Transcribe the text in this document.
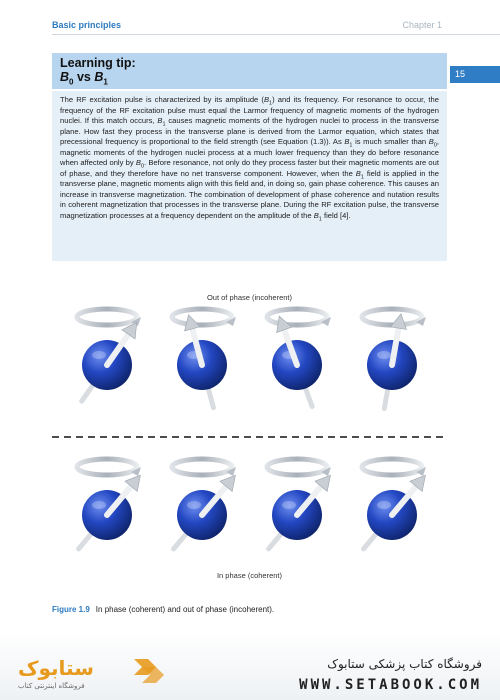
Basic principles	Chapter 1
Learning tip:
$B_0$ vs $B_1$
15
The RF excitation pulse is characterized by its amplitude $(B_1)$ and its frequency. For resonance to occur, the frequency of the RF excitation pulse must equal the Larmor frequency of magnetic moments of the hydrogen nuclei. If this match occurs, $B_1$ causes magnetic moments of the hydrogen nuclei to process in the transverse plane. How fast they process in the transverse plane is derived from the Larmor equation, which states that precessional frequency is proportional to the field strength (see Equation (1.3)). As $B_1$ is much smaller than $B_0$, magnetic moments of the hydrogen nuclei process at a much lower frequency than they do before resonance when affected only by $B_0$. Before resonance, not only do they process faster but their magnetic moments are out of phase, and they therefore have no net transverse component. However, when the $B_1$ field is applied in the transverse plane, magnetic moments align with this field and, in doing so, gain phase coherence. This causes an increase in transverse magnetization. The combination of development of phase coherence and nutation results in coherent magnetization that processes in the transverse plane. During the RF excitation pulse, the transverse magnetization processes at a frequency dependent on the amplitude of the $B_1$ field [4].
Out of phase (incoherent)
In phase (coherent)
Figure 1.9 In phase (coherent) and out of phase (incoherent).
ستابوک
فروشگاه اینترنتی کتاب
فروشگاه کتاب پزشکی ستابوک
WWW.SETABOOK.COM
